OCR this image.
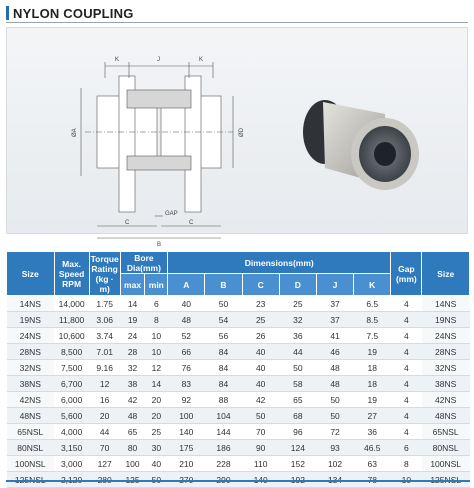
NYLON COUPLING
K	J	K
ØA	ØD
C	C
GAP
B
Size	Max. Speed RPM	Torque Rating (kg · m)	Bore Dia(mm)		Dimensions(mm)						Gap (mm)	Size
			max	min	A	B	C	D	J	K		
14NS	14,000	1.75	14	6	40	50	23	25	37	6.5	4	14NS
19NS	11,800	3.06	19	8	48	54	25	32	37	8.5	4	19NS
24NS	10,600	3.74	24	10	52	56	26	36	41	7.5	4	24NS
28NS	8,500	7.01	28	10	66	84	40	44	46	19	4	28NS
32NS	7,500	9.16	32	12	76	84	40	50	48	18	4	32NS
38NS	6,700	12	38	14	83	84	40	58	48	18	4	38NS
42NS	6,000	16	42	20	92	88	42	65	50	19	4	42NS
48NS	5,600	20	48	20	100	104	50	68	50	27	4	48NS
65NSL	4,000	44	65	25	140	144	70	96	72	36	4	65NSL
80NSL	3,150	70	80	30	175	186	90	124	93	46.5	6	80NSL
100NSL	3,000	127	100	40	210	228	110	152	102	63	8	100NSL
